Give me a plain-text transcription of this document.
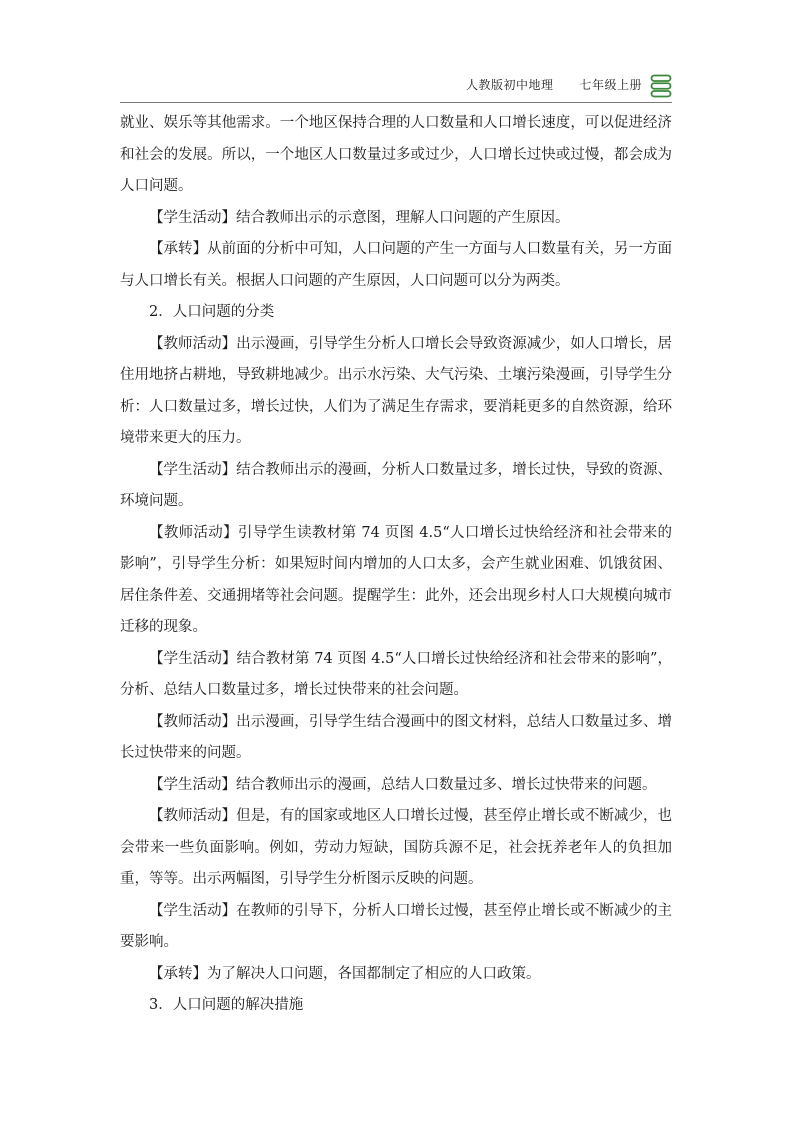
人教版初中地理 七年级上册

就业、娱乐等其他需求。一个地区保持合理的人口数量和人口增长速度，可以促进经济和社会的发展。所以，一个地区人口数量过多或过少，人口增长过快或过慢，都会成为人口问题。

【学生活动】结合教师出示的示意图，理解人口问题的产生原因。

【承转】从前面的分析中可知，人口问题的产生一方面与人口数量有关，另一方面与人口增长有关。根据人口问题的产生原因，人口问题可以分为两类。

2．人口问题的分类

【教师活动】出示漫画，引导学生分析人口增长会导致资源减少，如人口增长，居住用地挤占耕地，导致耕地减少。出示水污染、大气污染、土壤污染漫画，引导学生分析：人口数量过多，增长过快，人们为了满足生存需求，要消耗更多的自然资源，给环境带来更大的压力。

【学生活动】结合教师出示的漫画，分析人口数量过多，增长过快，导致的资源、环境问题。

【教师活动】引导学生读教材第 74 页图 4.5“人口增长过快给经济和社会带来的影响”，引导学生分析：如果短时间内增加的人口太多，会产生就业困难、饥饿贫困、居住条件差、交通拥堵等社会问题。提醒学生：此外，还会出现乡村人口大规模向城市迁移的现象。

【学生活动】结合教材第 74 页图 4.5“人口增长过快给经济和社会带来的影响”，分析、总结人口数量过多，增长过快带来的社会问题。

【教师活动】出示漫画，引导学生结合漫画中的图文材料，总结人口数量过多、增长过快带来的问题。

【学生活动】结合教师出示的漫画，总结人口数量过多、增长过快带来的问题。

【教师活动】但是，有的国家或地区人口增长过慢，甚至停止增长或不断减少，也会带来一些负面影响。例如，劳动力短缺，国防兵源不足，社会抚养老年人的负担加重，等等。出示两幅图，引导学生分析图示反映的问题。

【学生活动】在教师的引导下，分析人口增长过慢，甚至停止增长或不断减少的主要影响。

【承转】为了解决人口问题，各国都制定了相应的人口政策。

3．人口问题的解决措施
